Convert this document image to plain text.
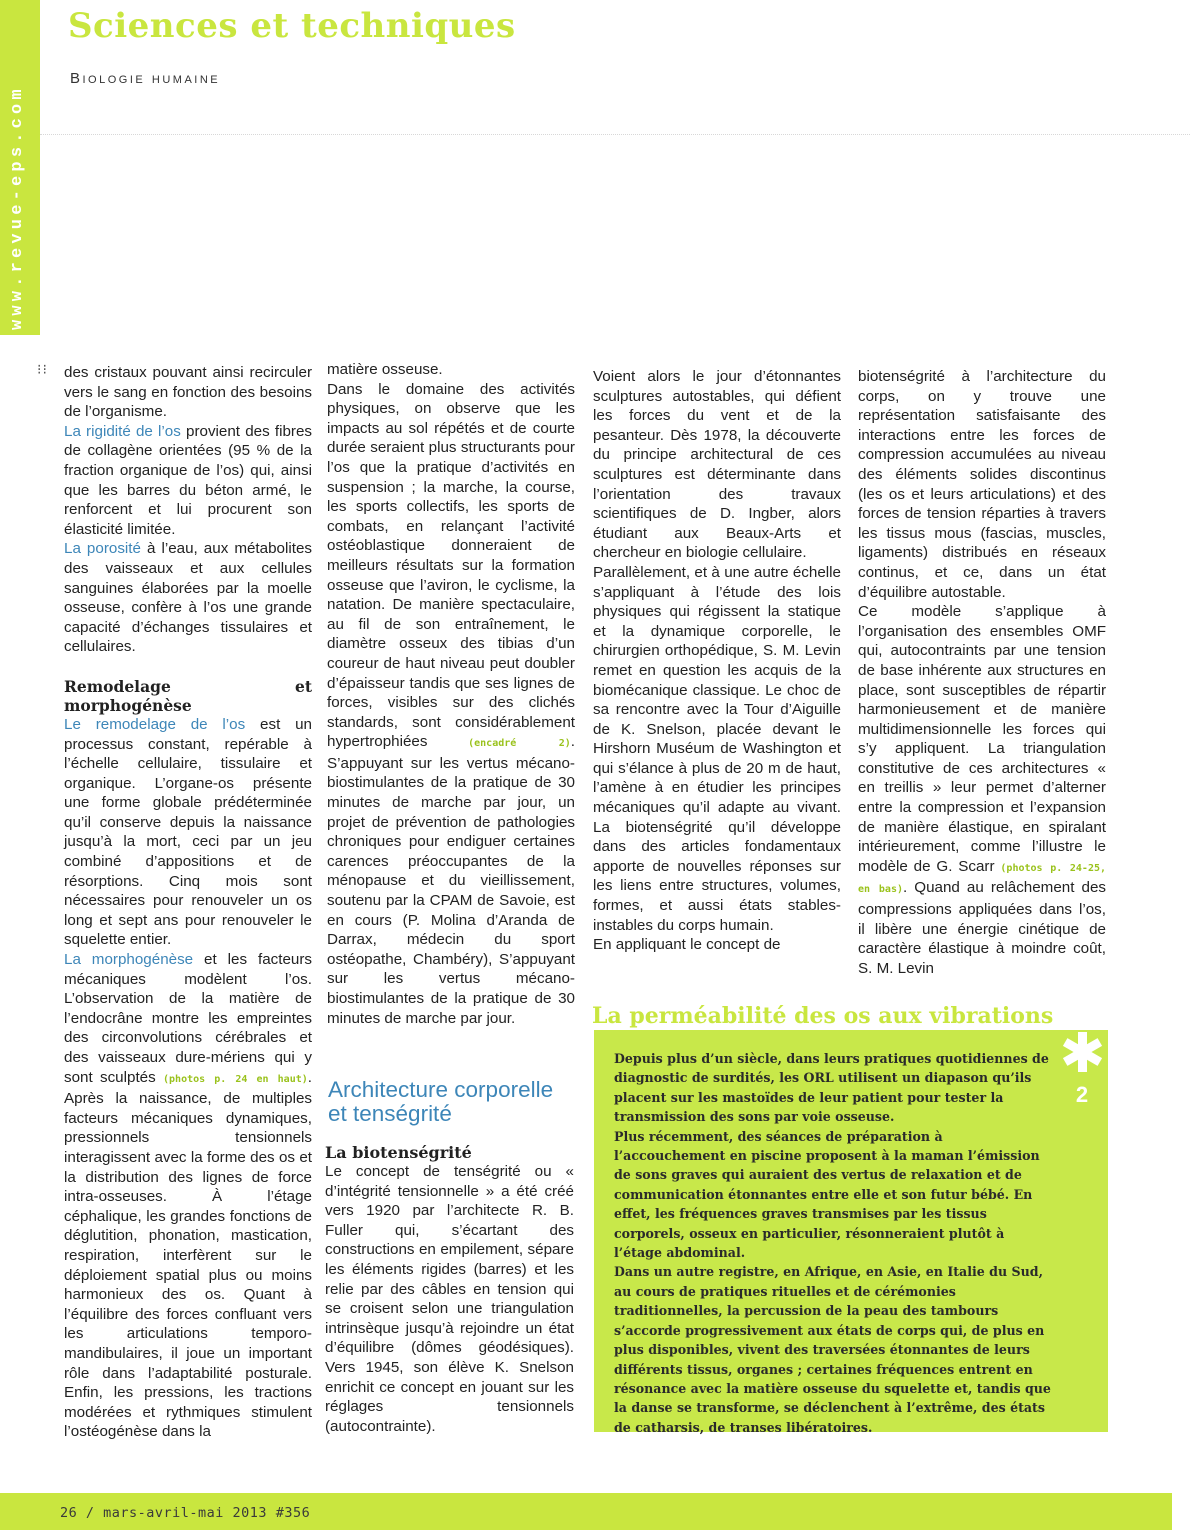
www.revue-eps.com
Sciences et techniques
Biologie humaine
⁝⁝ des cristaux pouvant ainsi recirculer vers le sang en fonction des besoins de l’organisme.

La rigidité de l’os provient des fibres de collagène orientées (95 % de la fraction organique de l’os) qui, ainsi que les barres du béton armé, le renforcent et lui procurent son élasticité limitée.

La porosité à l’eau, aux métabolites des vaisseaux et aux cellules sanguines élaborées par la moelle osseuse, confère à l’os une grande capacité d’échanges tissulaires et cellulaires.

Remodelage et morphogénèse

Le remodelage de l’os est un processus constant, repérable à l’échelle cellulaire, tissulaire et organique. L’organe-os présente une forme globale prédéterminée qu’il conserve depuis la naissance jusqu’à la mort, ceci par un jeu combiné d’appositions et de résorptions. Cinq mois sont nécessaires pour renouveler un os long et sept ans pour renouveler le squelette entier.

La morphogénèse et les facteurs mécaniques modèlent l’os. L’observation de la matière de l’endocrâne montre les empreintes des circonvolutions cérébrales et des vaisseaux dure-mériens qui y sont sculptés (photos p. 24 en haut). Après la naissance, de multiples facteurs mécaniques dynamiques, pressionnels tensionnels interagissent avec la forme des os et la distribution des lignes de force intra-osseuses. À l’étage céphalique, les grandes fonctions de déglutition, phonation, mastication, respiration, interfèrent sur le déploiement spatial plus ou moins harmonieux des os. Quant à l’équilibre des forces confluant vers les articulations temporo-mandibulaires, il joue un important rôle dans l’adaptabilité posturale. Enfin, les pressions, les tractions modérées et rythmiques stimulent l’ostéogénèse dans la

matière osseuse.

Dans le domaine des activités physiques, on observe que les impacts au sol répétés et de courte durée seraient plus structurants pour l’os que la pratique d’activités en suspension ; la marche, la course, les sports collectifs, les sports de combats, en relançant l’activité ostéoblastique donneraient de meilleurs résultats sur la formation osseuse que l’aviron, le cyclisme, la natation. De manière spectaculaire, au fil de son entraînement, le diamètre osseux des tibias d’un coureur de haut niveau peut doubler d’épaisseur tandis que ses lignes de forces, visibles sur des clichés standards, sont considérablement hypertrophiées (encadré 2). S’appuyant sur les vertus mécano-biostimulantes de la pratique de 30 minutes de marche par jour, un projet de prévention de pathologies chroniques pour endiguer certaines carences préoccupantes de la ménopause et du vieillissement, soutenu par la CPAM de Savoie, est en cours (P. Molina d’Aranda de Darrax, médecin du sport ostéopathe, Chambéry), S’appuyant sur les vertus mécano-biostimulantes de la pratique de 30 minutes de marche par jour.

Architecture corporelle et tenségrité
La biotenségrité

Le concept de tenségrité ou « d’intégrité tensionnelle » a été créé vers 1920 par l’architecte R. B. Fuller qui, s’écartant des constructions en empilement, sépare les éléments rigides (barres) et les relie par des câbles en tension qui se croisent selon une triangulation intrinsèque jusqu’à rejoindre un état d’équilibre (dômes géodésiques). Vers 1945, son élève K. Snelson enrichit ce concept en jouant sur les réglages tensionnels (autocontrainte).

Voient alors le jour d’étonnantes sculptures autostables, qui défient les forces du vent et de la pesanteur. Dès 1978, la découverte du principe architectural de ces sculptures est déterminante dans l’orientation des travaux scientifiques de D. Ingber, alors étudiant aux Beaux-Arts et chercheur en biologie cellulaire.

Parallèlement, et à une autre échelle s’appliquant à l’étude des lois physiques qui régissent la statique et la dynamique corporelle, le chirurgien orthopédique, S. M. Levin remet en question les acquis de la biomécanique classique. Le choc de sa rencontre avec la Tour d’Aiguille de K. Snelson, placée devant le Hirshorn Muséum de Washington et qui s’élance à plus de 20 m de haut, l’amène à en étudier les principes mécaniques qu’il adapte au vivant. La biotenségrité qu’il développe dans des articles fondamentaux apporte de nouvelles réponses sur les liens entre structures, volumes, formes, et aussi états stables-instables du corps humain.

En appliquant le concept de

biotenségrité à l’architecture du corps, on y trouve une représentation satisfaisante des interactions entre les forces de compression accumulées au niveau des éléments solides discontinus (les os et leurs articulations) et des forces de tension réparties à travers les tissus mous (fascias, muscles, ligaments) distribués en réseaux continus, et ce, dans un état d’équilibre autostable.

Ce modèle s’applique à l’organisation des ensembles OMF qui, autocontraints par une tension de base inhérente aux structures en place, sont susceptibles de répartir harmonieusement et de manière multidimensionnelle les forces qui s’y appliquent. La triangulation constitutive de ces architectures « en treillis » leur permet d’alterner entre la compression et l’expansion de manière élastique, en spiralant intérieurement, comme l’illustre le modèle de G. Scarr (photos p. 24-25, en bas). Quand au relâchement des compressions appliquées dans l’os, il libère une énergie cinétique de caractère élastique à moindre coût, S. M. Levin

La perméabilité des os aux vibrations
2

Depuis plus d’un siècle, dans leurs pratiques quotidiennes de diagnostic de surdités, les ORL utilisent un diapason qu’ils placent sur les mastoïdes de leur patient pour tester la transmission des sons par voie osseuse.

Plus récemment, des séances de préparation à l’accouchement en piscine proposent à la maman l’émission de sons graves qui auraient des vertus de relaxation et de communication étonnantes entre elle et son futur bébé. En effet, les fréquences graves transmises par les tissus corporels, osseux en particulier, résonneraient plutôt à l’étage abdominal.

Dans un autre registre, en Afrique, en Asie, en Italie du Sud, au cours de pratiques rituelles et de cérémonies traditionnelles, la percussion de la peau des tambours s’accorde progressivement aux états de corps qui, de plus en plus disponibles, vivent des traversées étonnantes de leurs différents tissus, organes ; certaines fréquences entrent en résonance avec la matière osseuse du squelette et, tandis que la danse se transforme, se déclenchent à l’extrême, des états de catharsis, de transes libératoires.

26 / mars-avril-mai 2013 #356
